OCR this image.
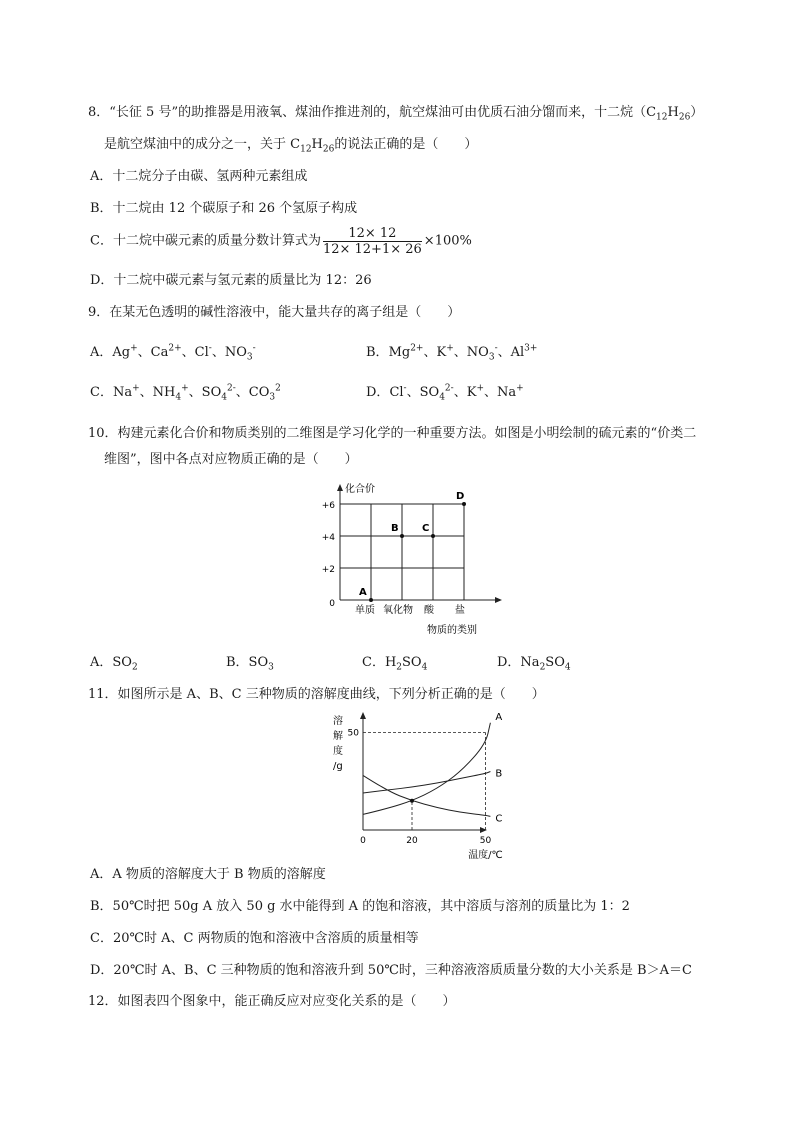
8．“长征 5 号”的助推器是用液氧、煤油作推进剂的，航空煤油可由优质石油分馏而来，十二烷$(C_{12}H_{26})$
是航空煤油中的成分之一，关于 $C_{12}H_{26}$的说法正确的是（　　）
A．十二烷分子由碳、氢两种元素组成
B．十二烷由 12 个碳原子和 26 个氢原子构成
C．十二烷中碳元素的质量分数计算式为 $\frac{12\times 12}{12\times 12+1\times 26} \times 100\%$
D．十二烷中碳元素与氢元素的质量比为 12：26
9．在某无色透明的碱性溶液中，能大量共存的离子组是（　　）
A．Ag+、$Ca^{2+}$、Cl-、$NO_3^-$	B．$Mg^{2+}$、K+、$NO_3^-$、$Al^{3+}$
C．Na+、$NH_4^+$、$SO_4^{2-}$、$CO_3^2$	D．Cl-、$SO_4^{2-}$、K+、Na+
10．构建元素化合价和物质类别的二维图是学习化学的一种重要方法。如图是小明绘制的硫元素的“价类二
维图”，图中各点对应物质正确的是（　　）
0
+2
+4
+6
化合价
单质 氧化物 酸 盐
物质的类别
A
B C
D
A．$SO_2$	B．$SO_3$	C．$H_2SO_4$	D．$Na_2SO_4$
11．如图所示是 A、B、C 三种物质的溶解度曲线，下列分析正确的是（　　）
溶
解
度
/g
0	20	50
50
温度/℃
A
B
C
A．A 物质的溶解度大于 B 物质的溶解度
B．50℃时把 50g A 放入 50 g 水中能得到 A 的饱和溶液，其中溶质与溶剂的质量比为 1：2
C．20℃时 A、C 两物质的饱和溶液中含溶质的质量相等
D．20℃时 A、B、C 三种物质的饱和溶液升到 50℃时，三种溶液溶质质量分数的大小关系是 B＞A＝C
12．如图表四个图象中，能正确反应对应变化关系的是（　　）
